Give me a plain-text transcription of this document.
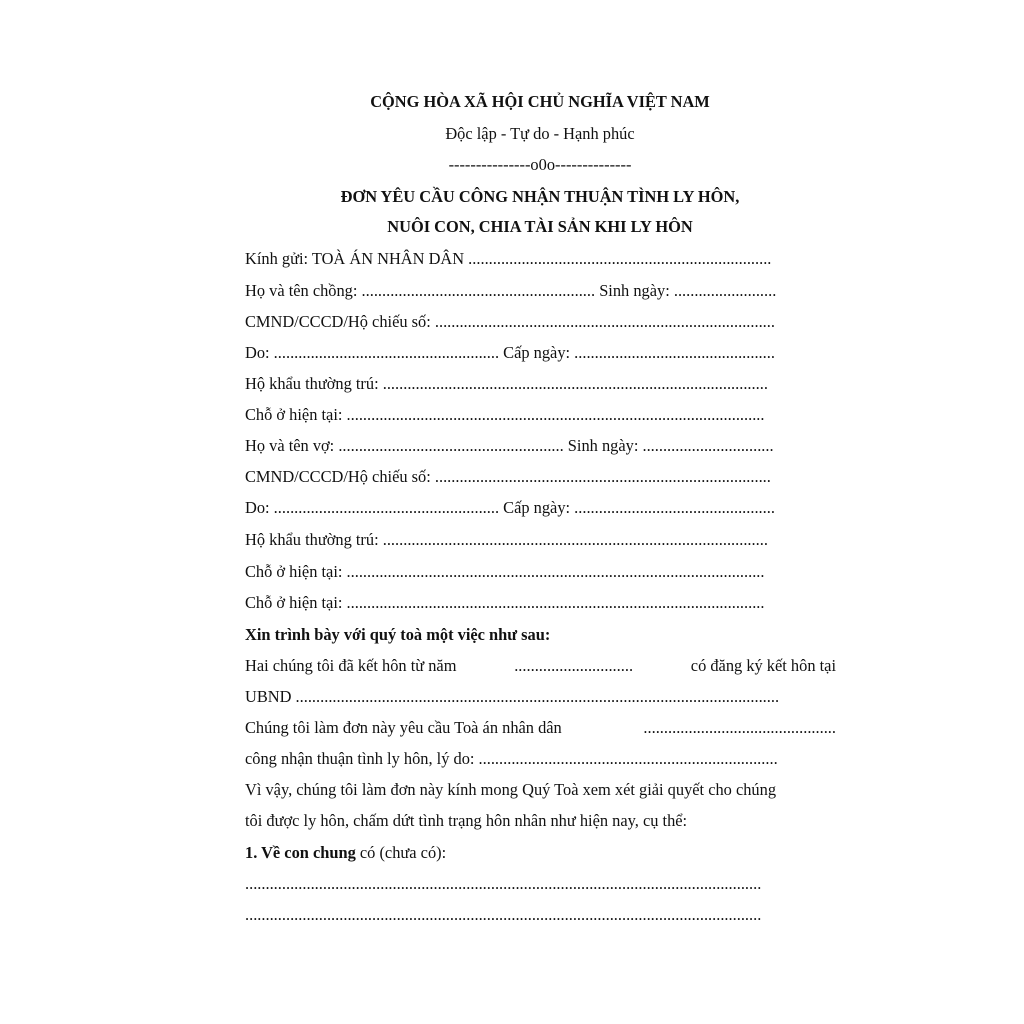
CỘNG HÒA XÃ HỘI CHỦ NGHĨA VIỆT NAM
Độc lập - Tự do - Hạnh phúc
---------------o0o--------------
ĐƠN YÊU CẦU CÔNG NHẬN THUẬN TÌNH LY HÔN,
NUÔI CON, CHIA TÀI SẢN KHI LY HÔN
Kính gửi: TOÀ ÁN NHÂN DÂN ..........................................................................
Họ và tên chồng: ......................................................... Sinh ngày: .........................
CMND/CCCD/Hộ chiếu số: ...................................................................................
Do: ....................................................... Cấp ngày: .................................................
Hộ khẩu thường trú: ..............................................................................................
Chỗ ở hiện tại: ......................................................................................................
Họ và tên vợ: ....................................................... Sinh ngày: ................................
CMND/CCCD/Hộ chiếu số: ..................................................................................
Do: ....................................................... Cấp ngày: .................................................
Hộ khẩu thường trú: ..............................................................................................
Chỗ ở hiện tại: ......................................................................................................
Chỗ ở hiện tại: ......................................................................................................
Xin trình bày với quý toà một việc như sau:
Hai chúng tôi đã kết hôn từ năm	.............................	có đăng ký kết hôn tại
UBND ......................................................................................................................
Chúng tôi làm đơn này yêu cầu Toà án nhân dân	...............................................
công nhận thuận tình ly hôn, lý do: .........................................................................
Vì vậy, chúng tôi làm đơn này kính mong Quý Toà xem xét giải quyết cho chúng
tôi được ly hôn, chấm dứt tình trạng hôn nhân như hiện nay, cụ thể:
1. Về con chung có (chưa có):
..............................................................................................................................
..............................................................................................................................
